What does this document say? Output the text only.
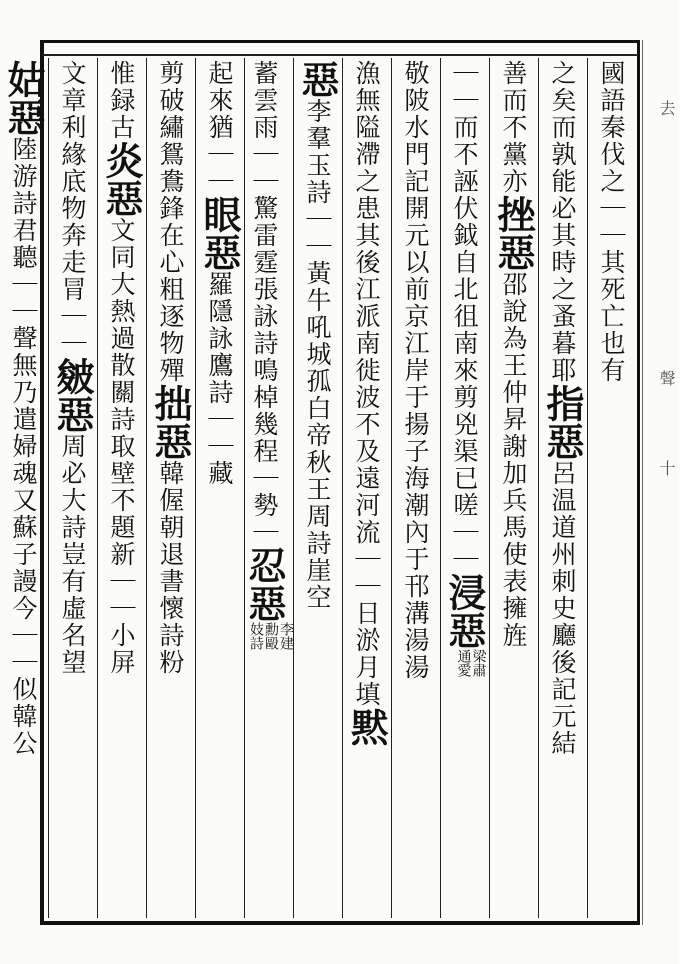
去
聲
十
國語秦伐之｜｜其死亡也有
之矣而孰能必其時之蚤暮耶指惡呂温道州刺史廳後記元結
善而不黨亦挫惡邵說為王仲昇謝加兵馬使表擁旌
｜｜而不誣伏鉞自北徂南來剪兇渠已嗟｜｜浸惡梁肅通愛
敬陂水門記開元以前京江岸于揚子海潮內于邗溝湯湯
漁無隘滯之患其後江派南徙波不及遠河流｜｜日淤月填黙
惡李羣玉詩｜｜黃牛吼城孤白帝秋王周詩崖空
蓄雲雨｜｜驚雷霆張詠詩鳴棹幾程｜勢｜忍惡李建勳毆妓詩
起來猶｜｜眼惡羅隱詠鷹詩｜｜藏
剪破繡鴛鴦鋒在心粗逐物殫拙惡韓偓朝退書懷詩粉
惟録古炎惡文同大熱過散關詩取壁不題新｜｜小屏
文章利緣底物奔走冐｜｜皴惡周必大詩豈有虛名望
姑惡陸游詩君聽｜｜聲無乃遣婦魂又蘇子謾今｜｜似韓公
